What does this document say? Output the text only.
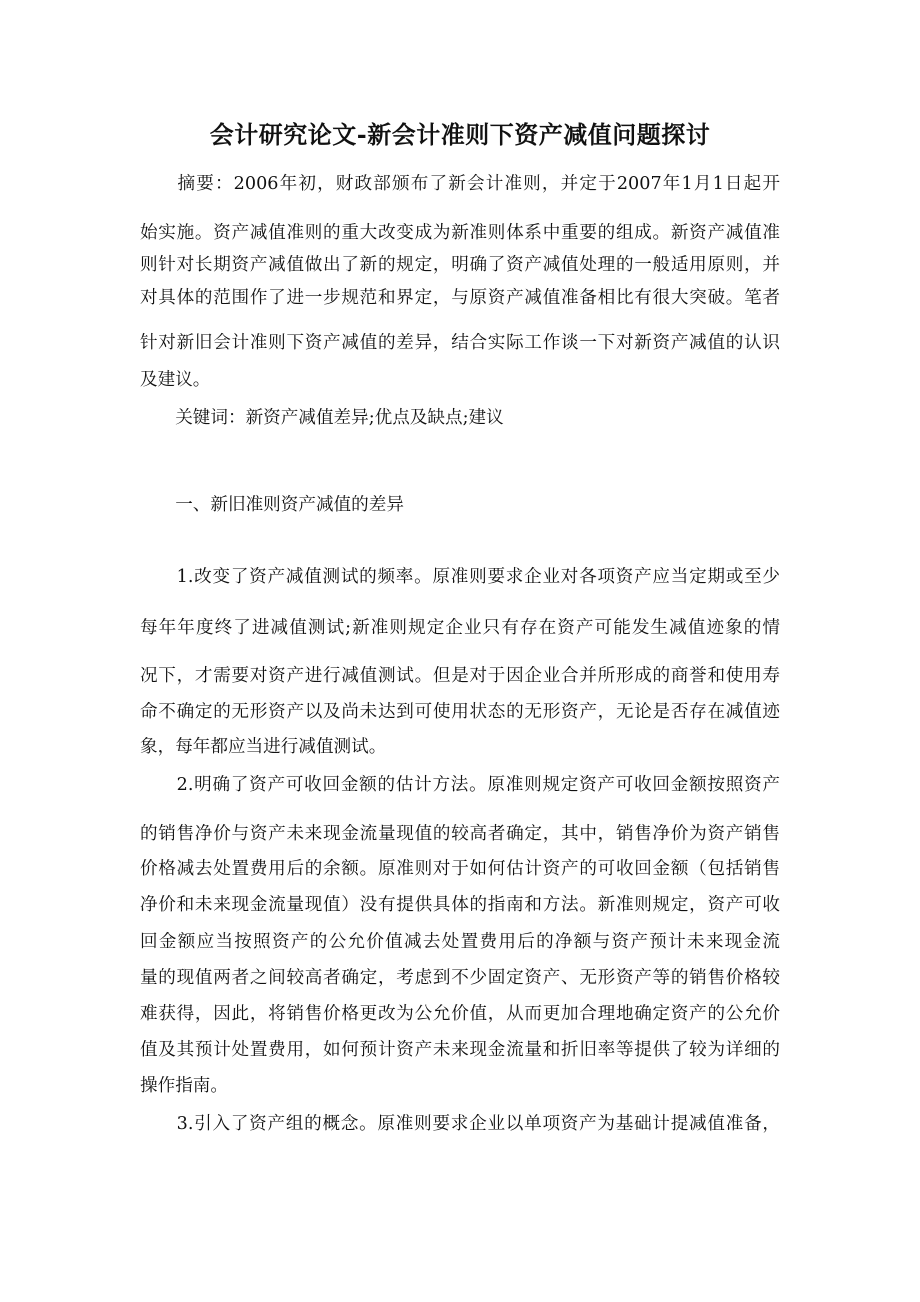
会计研究论文-新会计准则下资产减值问题探讨
　　摘要：2006年初，财政部颁布了新会计准则，并定于2007年1月1日起开
始实施。资产减值准则的重大改变成为新准则体系中重要的组成。新资产减值准
则针对长期资产减值做出了新的规定，明确了资产减值处理的一般适用原则，并
对具体的范围作了进一步规范和界定，与原资产减值准备相比有很大突破。笔者
针对新旧会计准则下资产减值的差异，结合实际工作谈一下对新资产减值的认识
及建议。
　　关键词：新资产减值差异;优点及缺点;建议
　　一、新旧准则资产减值的差异
　　1.改变了资产减值测试的频率。原准则要求企业对各项资产应当定期或至少
每年年度终了进减值测试;新准则规定企业只有存在资产可能发生减值迹象的情
况下，才需要对资产进行减值测试。但是对于因企业合并所形成的商誉和使用寿
命不确定的无形资产以及尚未达到可使用状态的无形资产，无论是否存在减值迹
象，每年都应当进行减值测试。
　　2.明确了资产可收回金额的估计方法。原准则规定资产可收回金额按照资产
的销售净价与资产未来现金流量现值的较高者确定，其中，销售净价为资产销售
价格减去处置费用后的余额。原准则对于如何估计资产的可收回金额（包括销售
净价和未来现金流量现值）没有提供具体的指南和方法。新准则规定，资产可收
回金额应当按照资产的公允价值减去处置费用后的净额与资产预计未来现金流
量的现值两者之间较高者确定，考虑到不少固定资产、无形资产等的销售价格较
难获得，因此，将销售价格更改为公允价值，从而更加合理地确定资产的公允价
值及其预计处置费用，如何预计资产未来现金流量和折旧率等提供了较为详细的
操作指南。
　　3.引入了资产组的概念。原准则要求企业以单项资产为基础计提减值准备，
